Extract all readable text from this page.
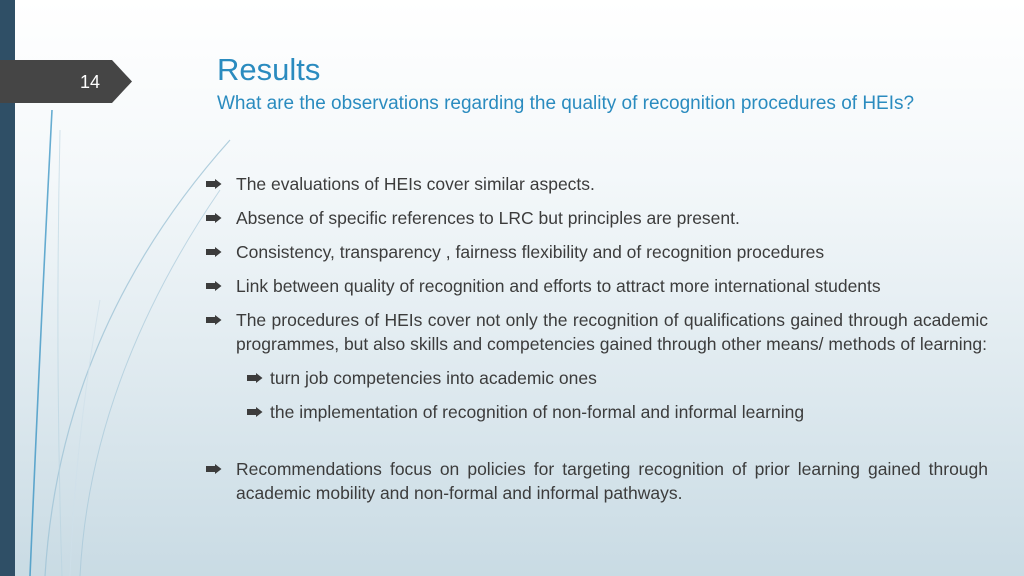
14	Results
What are the observations regarding the quality of recognition procedures of HEIs?
The evaluations of HEIs cover similar aspects.
Absence of specific references to LRC but principles are present.
Consistency, transparency , fairness flexibility and of recognition procedures
Link between quality of recognition and efforts to attract more international students
The procedures of HEIs cover not only the recognition of qualifications gained through academic programmes, but also skills and competencies gained through other means/ methods of learning:
turn job competencies into academic ones
the implementation of recognition of non-formal and informal learning
Recommendations focus on policies for targeting recognition of prior learning gained through academic mobility and non-formal and informal pathways.
